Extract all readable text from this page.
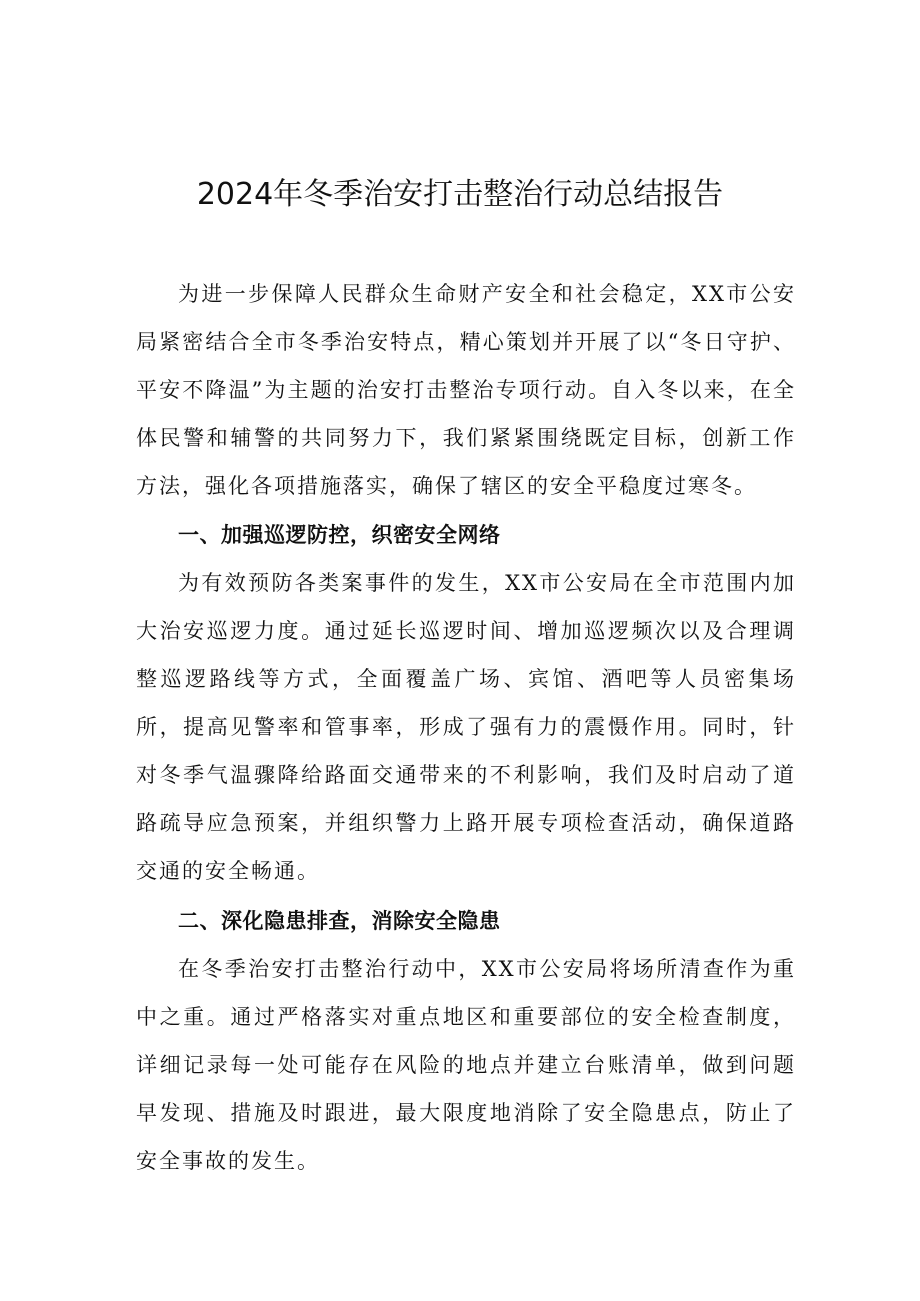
2024年冬季治安打击整治行动总结报告

为进一步保障人民群众生命财产安全和社会稳定，XX市公安局紧密结合全市冬季治安特点，精心策划并开展了以“冬日守护、平安不降温”为主题的治安打击整治专项行动。自入冬以来，在全体民警和辅警的共同努力下，我们紧紧围绕既定目标，创新工作方法，强化各项措施落实，确保了辖区的安全平稳度过寒冬。

一、加强巡逻防控，织密安全网络

为有效预防各类案事件的发生，XX市公安局在全市范围内加大治安巡逻力度。通过延长巡逻时间、增加巡逻频次以及合理调整巡逻路线等方式，全面覆盖广场、宾馆、酒吧等人员密集场所，提高见警率和管事率，形成了强有力的震慑作用。同时，针对冬季气温骤降给路面交通带来的不利影响，我们及时启动了道路疏导应急预案，并组织警力上路开展专项检查活动，确保道路交通的安全畅通。

二、深化隐患排查，消除安全隐患

在冬季治安打击整治行动中，XX市公安局将场所清查作为重中之重。通过严格落实对重点地区和重要部位的安全检查制度，详细记录每一处可能存在风险的地点并建立台账清单，做到问题早发现、措施及时跟进，最大限度地消除了安全隐患点，防止了安全事故的发生。
